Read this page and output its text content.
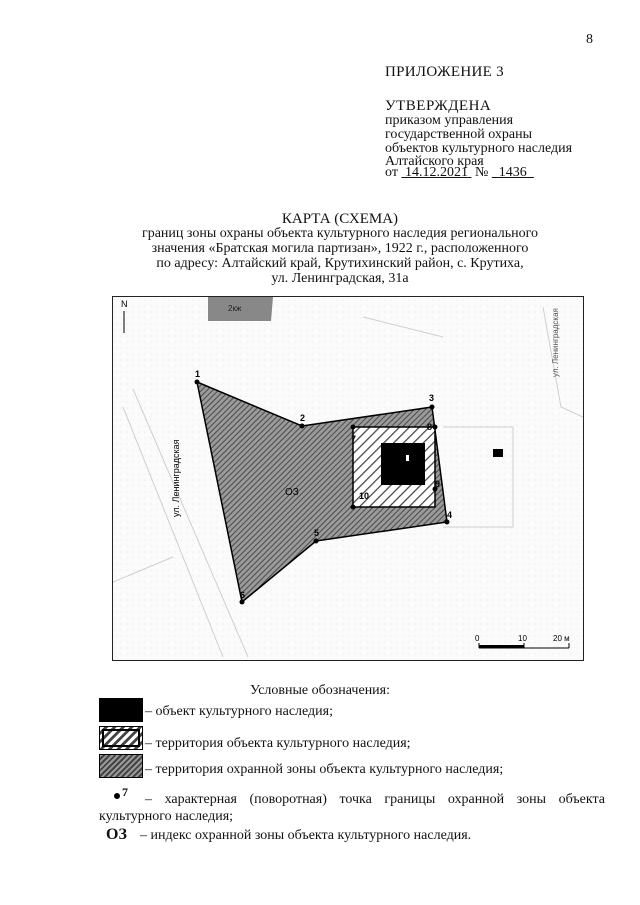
8
ПРИЛОЖЕНИЕ 3
УТВЕРЖДЕНА
приказом управления
государственной охраны
объектов культурного наследия
Алтайского края
от 14.12.2021 № 1436
КАРТА (СХЕМА)
границ зоны охраны объекта культурного наследия регионального
значения «Братская могила партизан», 1922 г., расположенного
по адресу: Алтайский край, Крутихинский район, с. Крутиха,
ул. Ленинградская, 31а
2кж
N
ул. Ленинградская
ул. Ленинградская
ОЗ
1
2
3
4
5
6
7
8
9
10
0	10	20 м
Условные обозначения:
– объект культурного наследия;
– территория объекта культурного наследия;
– территория охранной зоны объекта культурного наследия;
7 – характерная (поворотная) точка границы охранной зоны объекта
культурного наследия;
ОЗ – индекс охранной зоны объекта культурного наследия.
